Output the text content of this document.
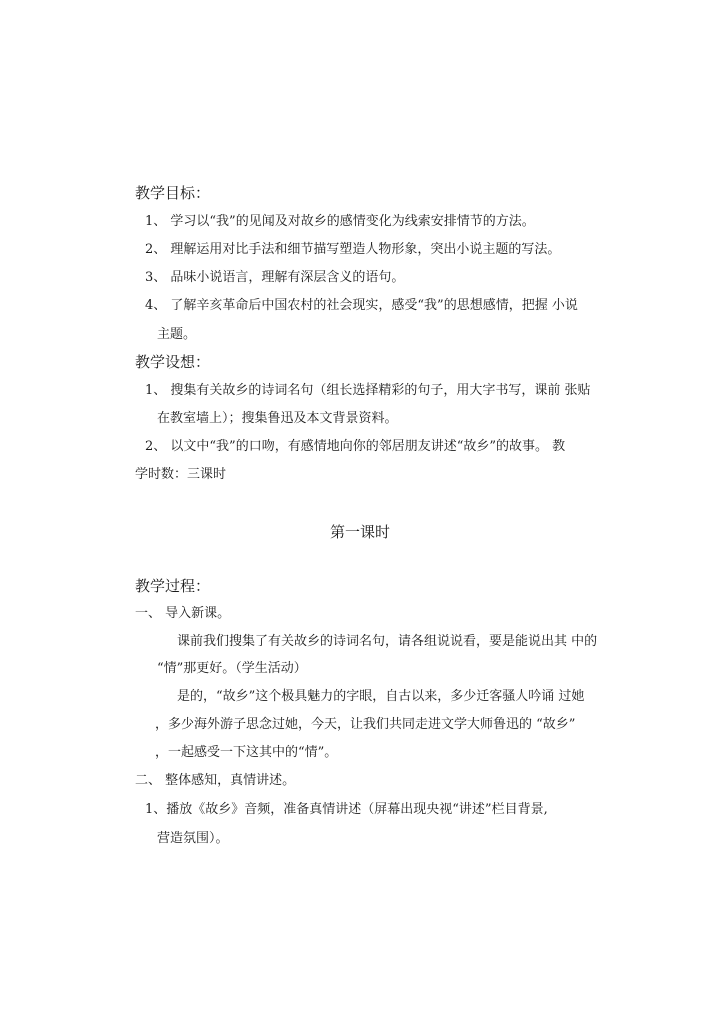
教学目标：
1、 学习以“我”的见闻及对故乡的感情变化为线索安排情节的方法。
2、 理解运用对比手法和细节描写塑造人物形象，突出小说主题的写法。
3、 品味小说语言，理解有深层含义的语句。
4、 了解辛亥革命后中国农村的社会现实，感受“我”的思想感情，把握 小说
主题。
教学设想：
1、 搜集有关故乡的诗词名句（组长选择精彩的句子，用大字书写，课前 张贴
在教室墙上）；搜集鲁迅及本文背景资料。
2、 以文中“我”的口吻，有感情地向你的邻居朋友讲述“故乡”的故事。 教
学时数：三课时
第一课时
教学过程：
一、 导入新课。
课前我们搜集了有关故乡的诗词名句，请各组说说看，要是能说出其 中的
“情”那更好。（学生活动）
是的，“故乡”这个极具魅力的字眼，自古以来，多少迁客骚人吟诵 过她
，多少海外游子思念过她，今天，让我们共同走进文学大师鲁迅的 “故乡”
，一起感受一下这其中的“情”。
二、 整体感知，真情讲述。
1、播放《故乡》音频，准备真情讲述（屏幕出现央视“讲述”栏目背景,
营造氛围）。
